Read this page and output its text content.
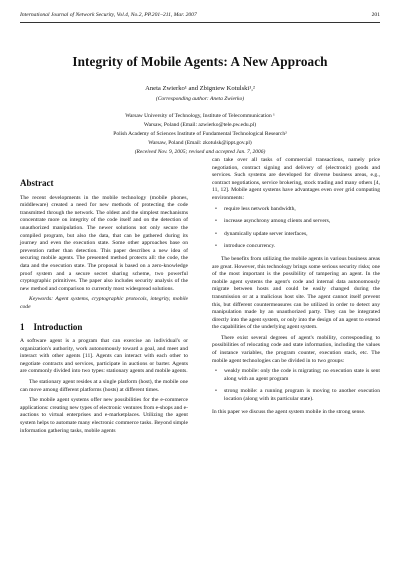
International Journal of Network Security, Vol.4, No.2, PP.201–211, Mar. 2007	201
Integrity of Mobile Agents: A New Approach
Aneta Zwierko¹ and Zbigniew Kotulski¹,²
(Corresponding author: Aneta Zwierko)
Warsaw University of Technology, Institute of Telecommunication ¹
Warsaw, Poland (Email: azwierko@tele.pw.edu.pl)
Polish Academy of Sciences Institute of Fundamental Technological Research²
Warsaw, Poland (Email: zkotulsk@ippt.gov.pl)
(Received Nov. 9, 2005; revised and accepted Jan. 7, 2006)
Abstract

The recent developments in the mobile technology (mobile phones, middleware) created a need for new methods of protecting the code transmitted through the network. The oldest and the simplest mechanisms concentrate more on integrity of the code itself and on the detection of unauthorized manipulation. The newer solutions not only secure the compiled program, but also the data, that can be gathered during its journey and even the execution state. Some other approaches base on prevention rather than detection. This paper describes a new idea of securing mobile agents. The presented method protects all: the code, the data and the execution state. The proposal is based on a zero-knowledge proof system and a secure secret sharing scheme, two powerful cryptographic primitives. The paper also includes security analysis of the new method and comparison to currently most widespread solutions.

Keywords: Agent systems, cryptographic protocols, integrity, mobile code

1 Introduction

A software agent is a program that can exercise an individual's or organization's authority, work autonomously toward a goal, and meet and interact with other agents [11]. Agents can interact with each other to negotiate contracts and services, participate in auctions or barter. Agents are commonly divided into two types: stationary agents and mobile agents.

The stationary agent resides at a single platform (host), the mobile one can move among different platforms (hosts) at different times.

The mobile agent systems offer new possibilities for the e-commerce applications: creating new types of electronic ventures from e-shops and e-auctions to virtual enterprises and e-marketplaces. Utilizing the agent system helps to automate many electronic commerce tasks. Beyond simple information gathering tasks, mobile agents

can take over all tasks of commercial transactions, namely price negotiation, contract signing and delivery of (electronic) goods and services. Such systems are developed for diverse business areas, e.g., contract negotiations, service brokering, stock trading and many others [4, 11, 12]. Mobile agent systems have advantages even over grid computing environments:

• require less network bandwidth,
• increase asynchrony among clients and servers,
• dynamically update server interfaces,
• introduce concurrency.

The benefits from utilizing the mobile agents in various business areas are great. However, this technology brings some serious security risks; one of the most important is the possibility of tampering an agent. In the mobile agent systems the agent's code and internal data autonomously migrate between hosts and could be easily changed during the transmission or at a malicious host site. The agent cannot itself prevent this, but different countermeasures can be utilized in order to detect any manipulation made by an unauthorized party. They can be integrated directly into the agent system, or only into the design of an agent to extend the capabilities of the underlying agent system.

There exist several degrees of agent's mobility, corresponding to possibilities of relocating code and state information, including the values of instance variables, the program counter, execution stack, etc. The mobile agent technologies can be divided in to two groups:

• weakly mobile: only the code is migrating; no execution state is sent along with an agent program
• strong mobile: a running program is moving to another execution location (along with its particular state).

In this paper we discuss the agent system mobile in the strong sense.
